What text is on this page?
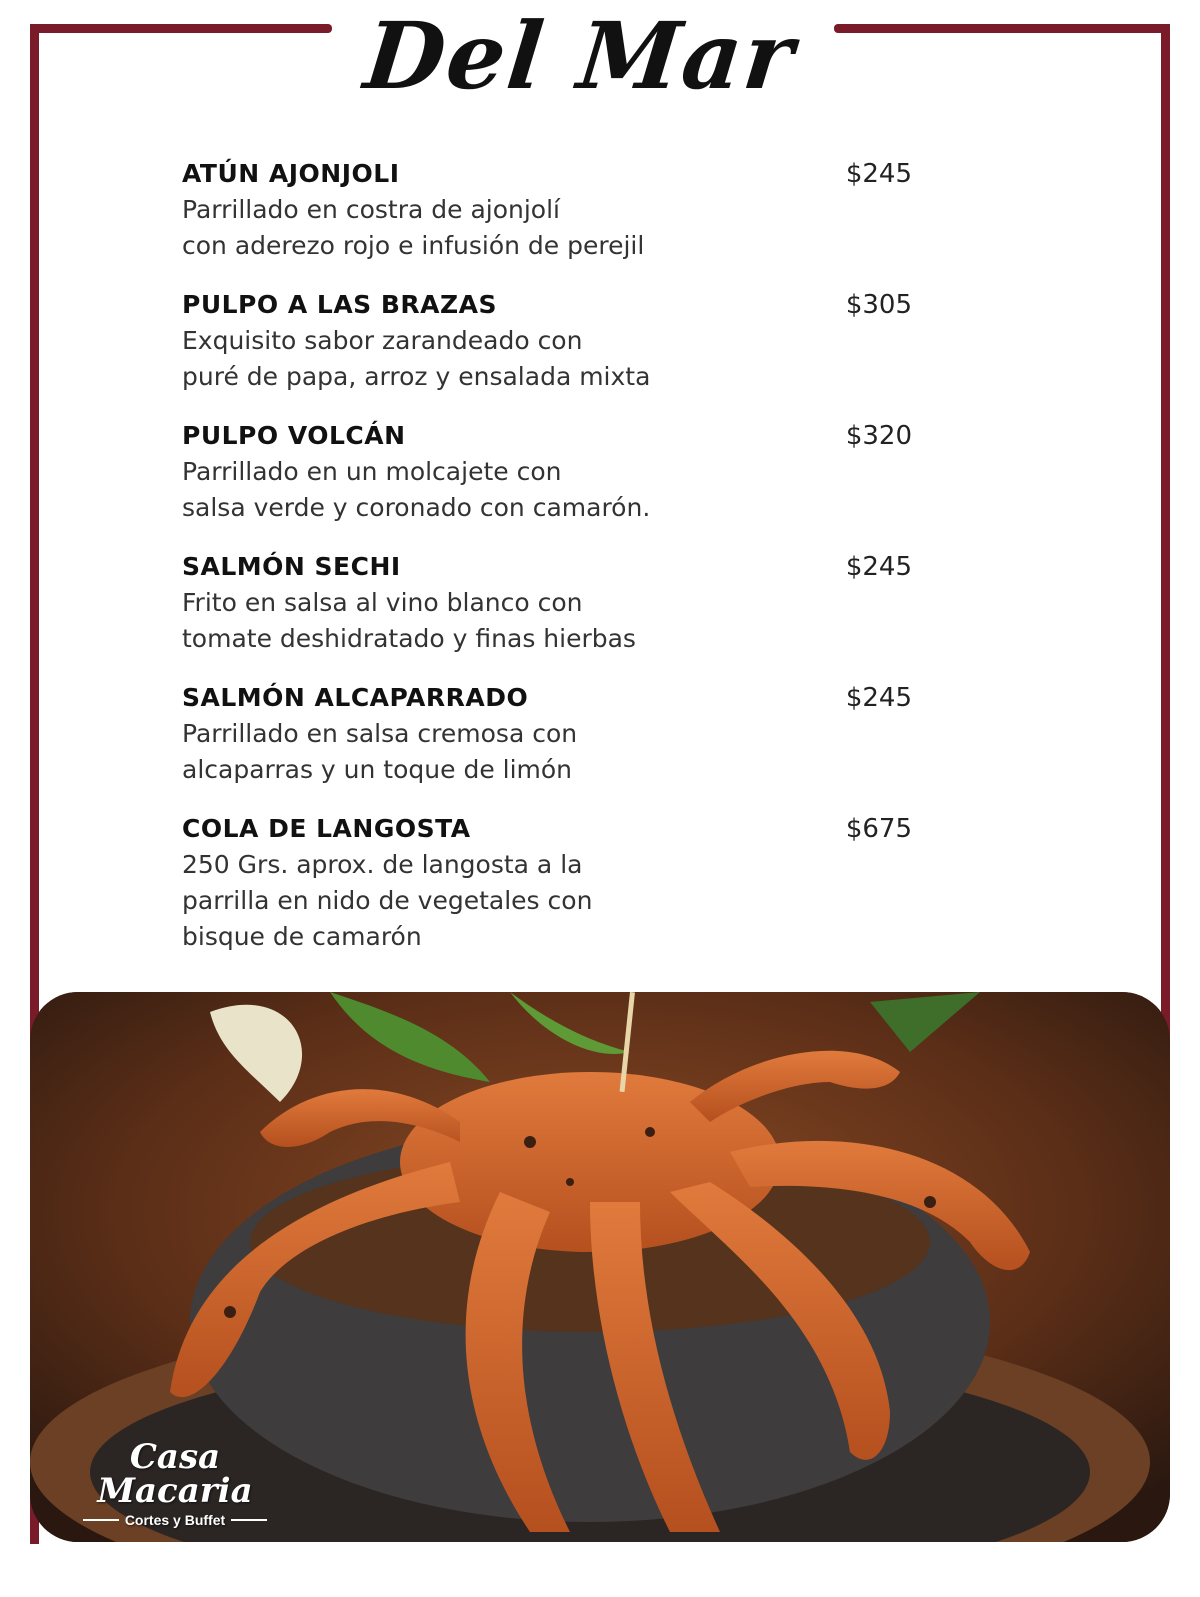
Del Mar
ATÚN AJONJOLI	$245
Parrillado en costra de ajonjolí
con aderezo rojo e infusión de perejil
PULPO A LAS BRAZAS	$305
Exquisito sabor zarandeado con
puré de papa, arroz y ensalada mixta
PULPO VOLCÁN	$320
Parrillado en un molcajete con
salsa verde y coronado con camarón.
SALMÓN SECHI	$245
Frito en salsa al vino blanco con
tomate deshidratado y finas hierbas
SALMÓN ALCAPARRADO	$245
Parrillado en salsa cremosa con
alcaparras y un toque de limón
COLA DE LANGOSTA	$675
250 Grs. aprox. de langosta a la
parrilla en nido de vegetales con
bisque de camarón
Casa Macaria
Cortes y Buffet
